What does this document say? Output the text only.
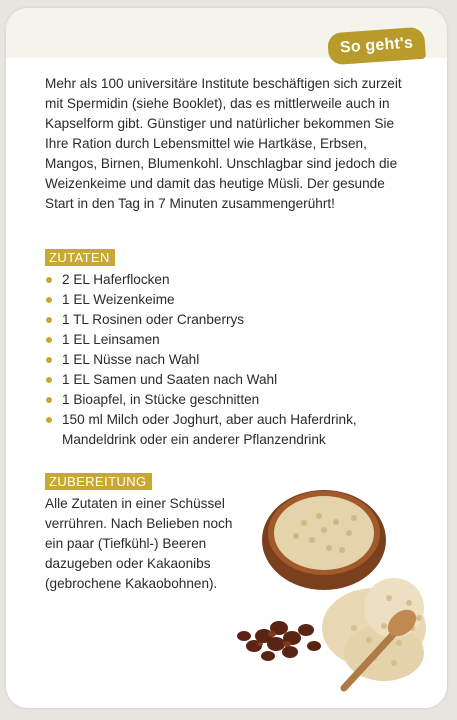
So geht's

Mehr als 100 universitäre Institute beschäftigen sich zurzeit mit Spermidin (siehe Booklet), das es mittlerweile auch in Kapselform gibt. Günstiger und natürlicher bekommen Sie Ihre Ration durch Lebensmittel wie Hartkäse, Erbsen, Mangos, Birnen, Blumenkohl. Unschlagbar sind jedoch die Weizenkeime und damit das heutige Müsli. Der gesunde Start in den Tag in 7 Minuten zusammengerührt!

ZUTATEN
2 EL Haferflocken
1 EL Weizenkeime
1 TL Rosinen oder Cranberrys
1 EL Leinsamen
1 EL Nüsse nach Wahl
1 EL Samen und Saaten nach Wahl
1 Bioapfel, in Stücke geschnitten
150 ml Milch oder Joghurt, aber auch Haferdrink, Mandeldrink oder ein anderer Pflanzendrink
ZUBEREITUNG

Alle Zutaten in einer Schüssel verrühren. Nach Belieben noch ein paar (Tiefkühl-) Beeren dazugeben oder Kakaonibs (gebrochene Kakaobohnen).
